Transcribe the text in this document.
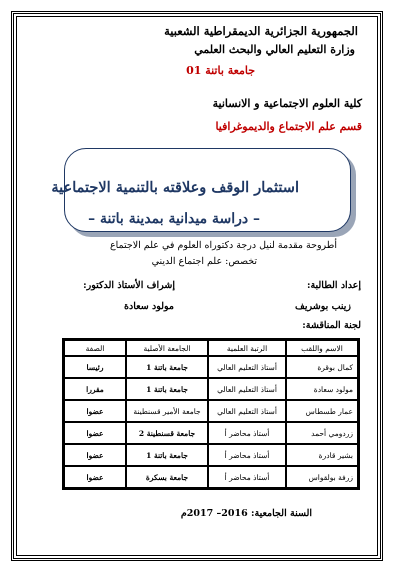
الجمهورية الجزائرية الديمقراطية الشعبية
وزارة التعليم العالي والبحث العلمي
جامعة باتنة 01
كلية العلوم الاجتماعية و الانسانية
قسم علم الاجتماع والديموغرافيا
استثمار الوقف وعلاقته بالتنمية الاجتماعية
– دراسة ميدانية بمدينة باتنة –
أطروحة مقدمة لنيل درجة دكتوراه العلوم في علم الاجتماع
تخصص: علم اجتماع الديني
إعداد الطالبة:
إشراف الأستاذ الدكتور:
زينب بوشريف
مولود سعادة
لجنة المناقشة:
الاسم واللقب	الرتبة العلمية	الجامعة الأصلية	الصفة
كمال بوقرة	أستاذ التعليم العالي	جامعة باتنة 1	رئيسا
مولود سعادة	أستاذ التعليم العالي	جامعة باتنة 1	مقررا
عمار طسطاس	أستاذ التعليم العالي	جامعة الأمير قسنطينة	عضوا
زردومي أحمد	أستاذ محاضر أ	جامعة قسنطينة 2	عضوا
بشير قادرة	أستاذ محاضر أ	جامعة باتنة 1	عضوا
زرفة بولقواس	أستاذ محاضر أ	جامعة بسكرة	عضوا
السنة الجامعية: 2016– 2017م
